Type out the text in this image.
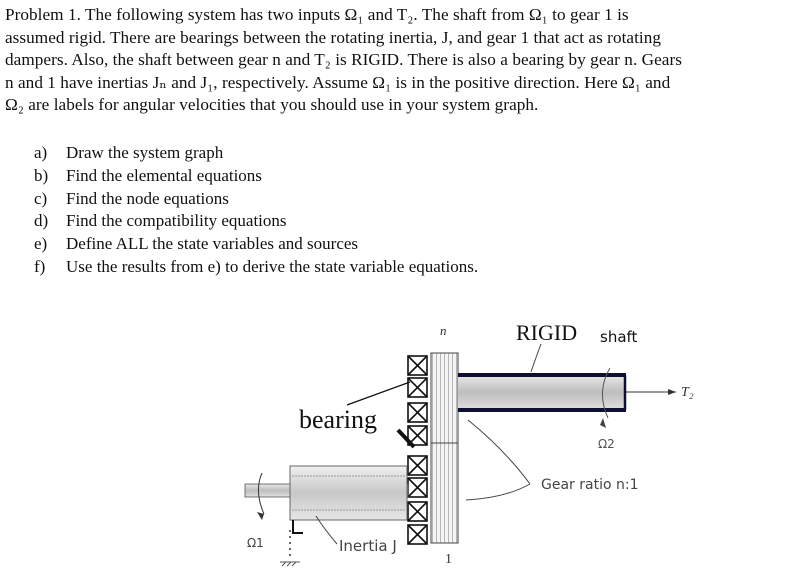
Problem 1. The following system has two inputs Ω₁ and T₂. The shaft from Ω₁ to gear 1 is
assumed rigid. There are bearings between the rotating inertia, J, and gear 1 that act as rotating
dampers. Also, the shaft between gear n and T₂ is RIGID. There is also a bearing by gear n. Gears
n and 1 have inertias Jₙ and J₁, respectively. Assume Ω₁ is in the positive direction. Here Ω₁ and
Ω₂ are labels for angular velocities that you should use in your system graph.
a) Draw the system graph
b) Find the elemental equations
c) Find the node equations
d) Find the compatibility equations
e) Define ALL the state variables and sources
f) Use the results from e) to derive the state variable equations.
n	RIGID shaft
T₂
Ω2
bearing
Gear ratio n:1
Ω1	Inertia J
1
